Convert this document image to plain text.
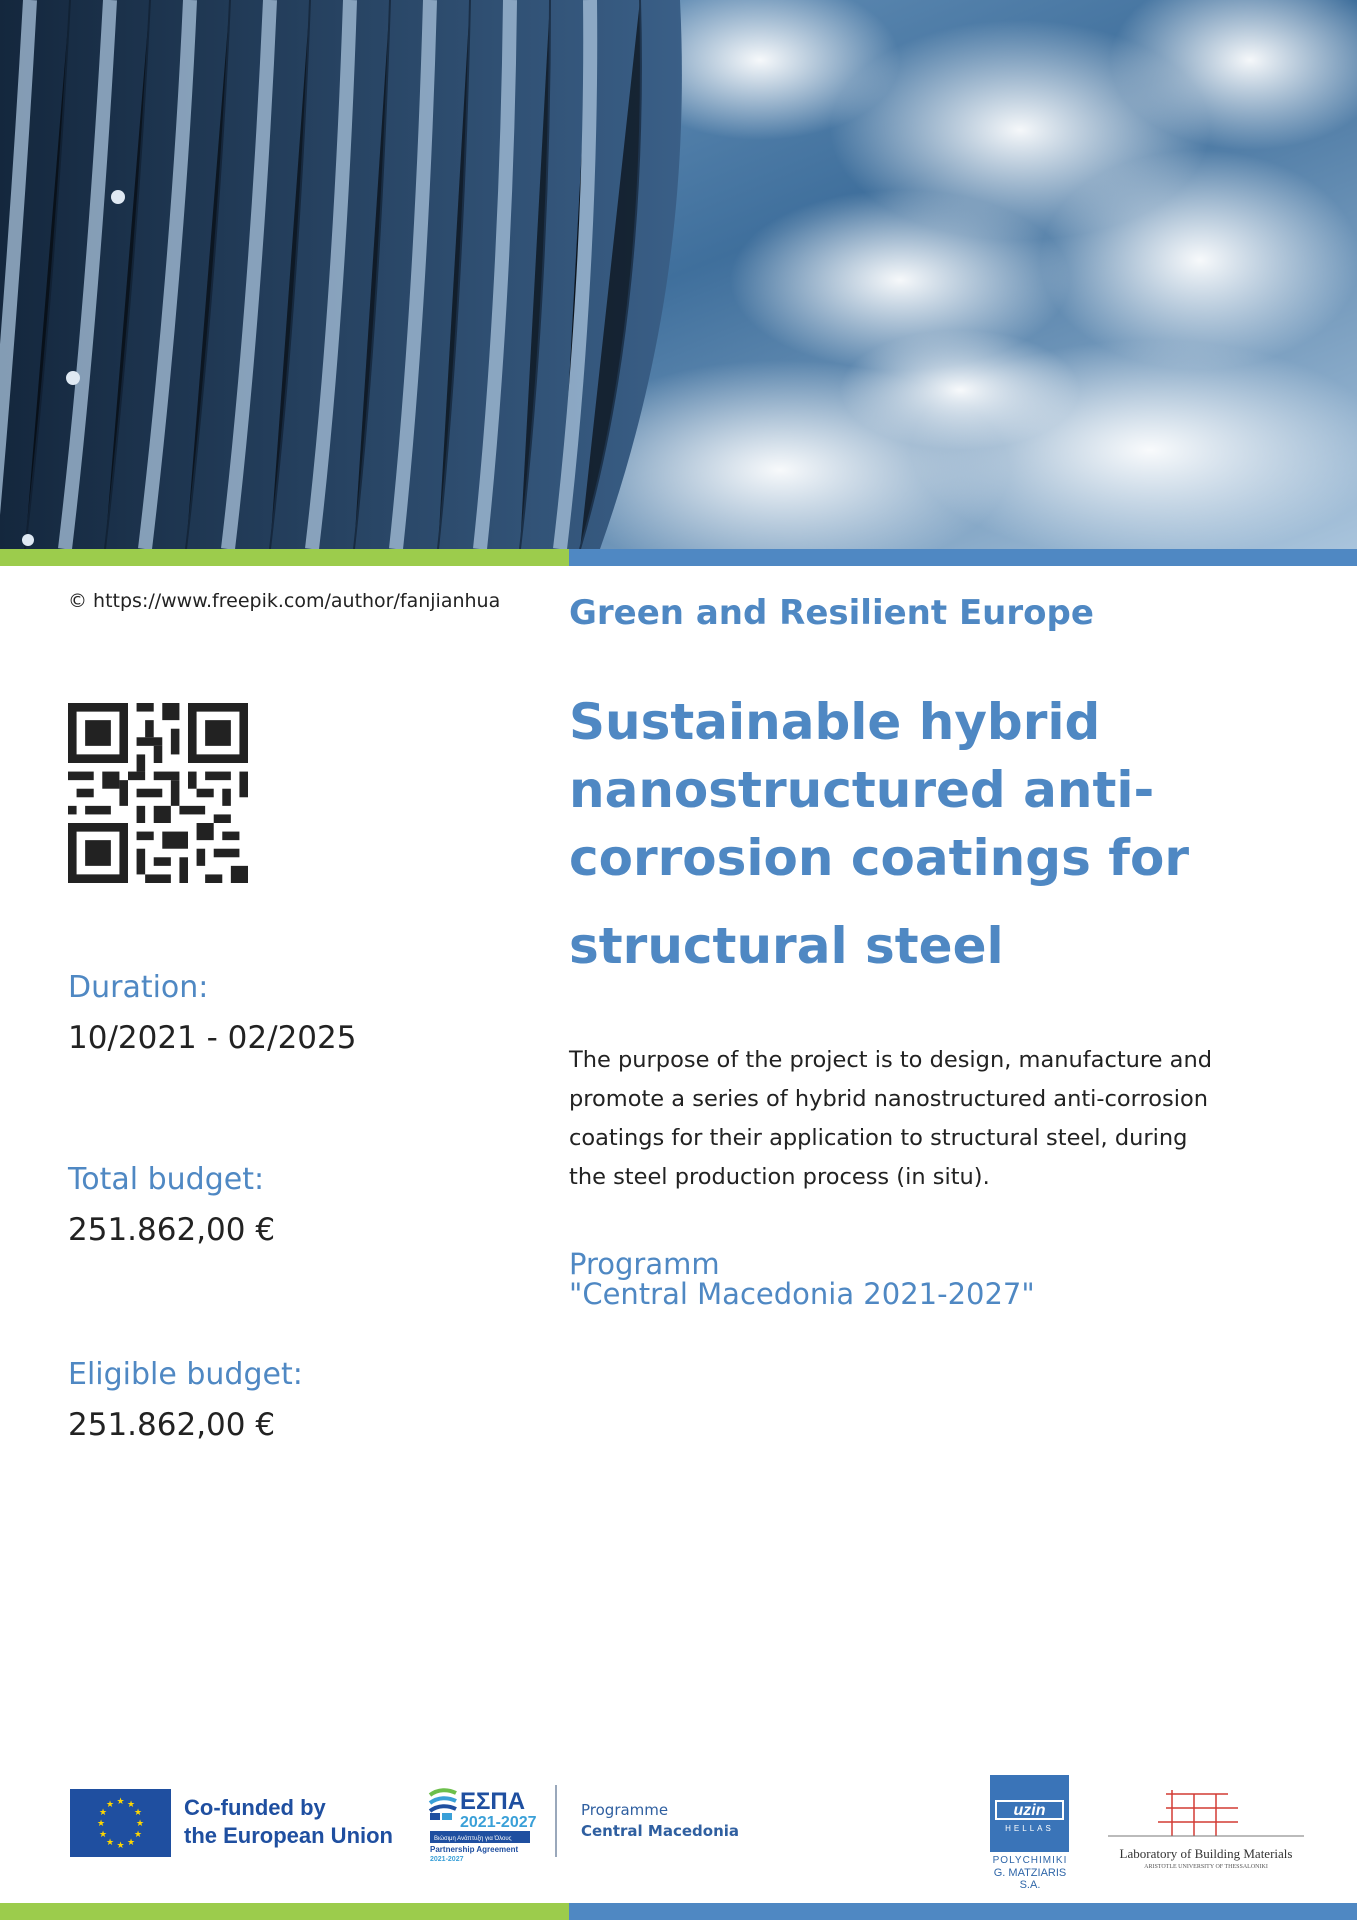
© https://www.freepik.com/author/fanjianhua
Duration:
10/2021 - 02/2025
Total budget:
251.862,00 €
Eligible budget:
251.862,00 €
Green and Resilient Europe
Sustainable hybrid
nanostructured anti-
corrosion coatings for
structural steel
The purpose of the project is to design, manufacture and promote a series of hybrid nanostructured anti-corrosion coatings for their application to structural steel, during the steel production process (in situ).
Programm
"Central Macedonia 2021-2027"
★ ★
★
★
★
★
★
★
★
★
★
★	Co-funded by
the European Union
ΕΣΠΑ
2021-2027
Βιώσιμη Ανάπτυξη για Όλους
Partnership Agreement
2021-2027
Programme
Central Macedonia
uzin
HELLAS
POLYCHIMIKI
G. MATZIARIS S.A.
Laboratory of Building Materials
ARISTOTLE UNIVERSITY OF THESSALONIKI
